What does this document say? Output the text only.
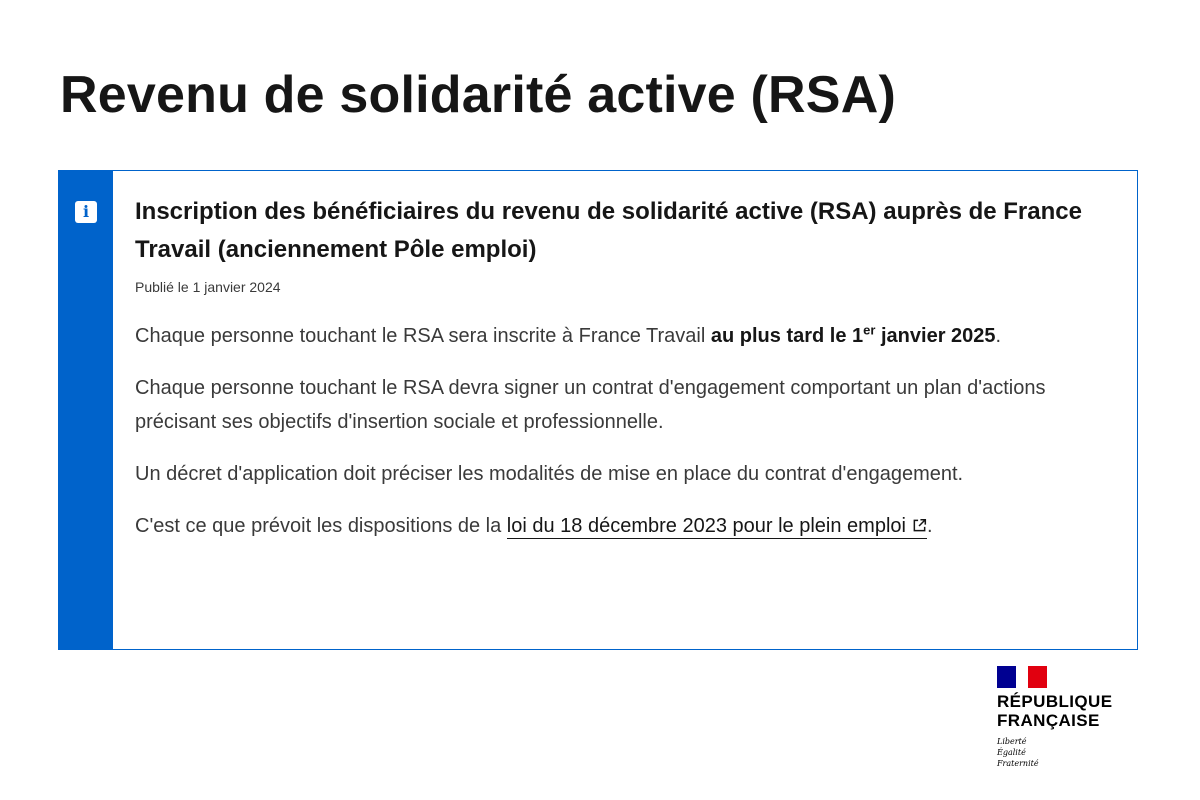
Revenu de solidarité active (RSA)
i	Inscription des bénéficiaires du revenu de solidarité active (RSA) auprès de France Travail (anciennement Pôle emploi)

Publié le 1 janvier 2024

Chaque personne touchant le RSA sera inscrite à France Travail au plus tard le 1er janvier 2025.

Chaque personne touchant le RSA devra signer un contrat d'engagement comportant un plan d'actions précisant ses objectifs d'insertion sociale et professionnelle.

Un décret d'application doit préciser les modalités de mise en place du contrat d'engagement.

C'est ce que prévoit les dispositions de la loi du 18 décembre 2023 pour le plein emploi .

RÉPUBLIQUE
FRANÇAISE
Liberté
Égalité
Fraternité
